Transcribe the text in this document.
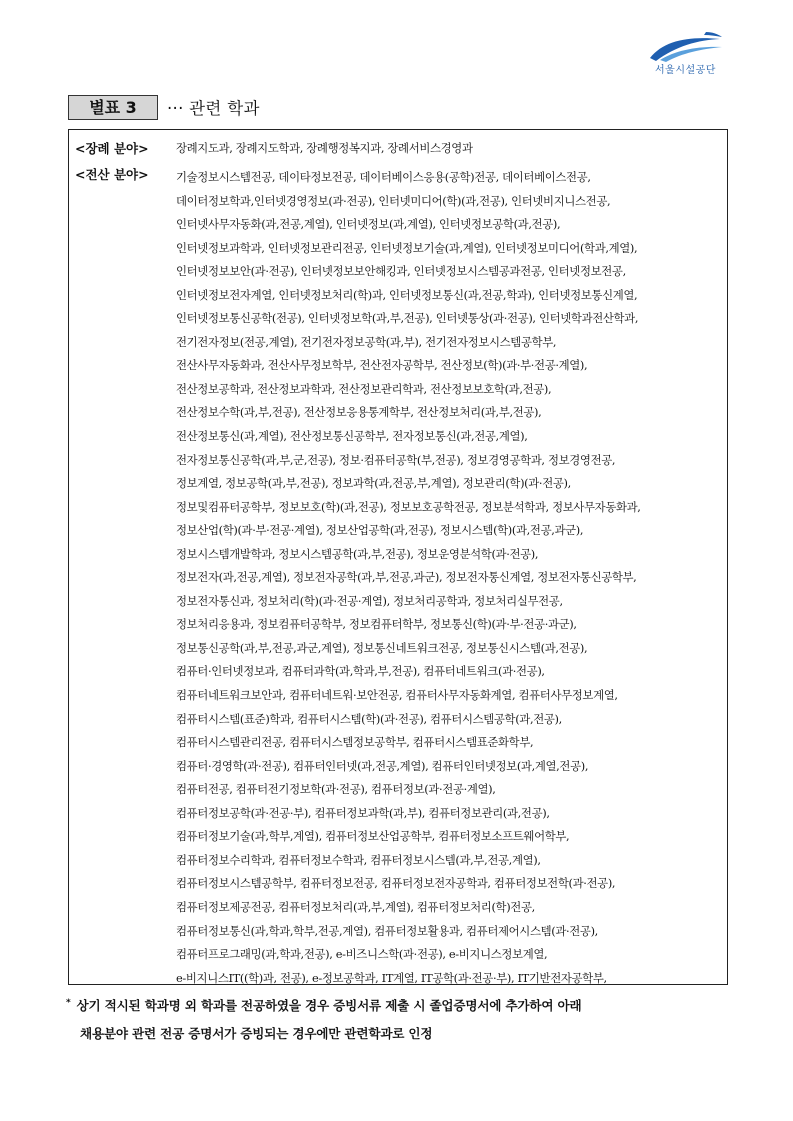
서울시설공단
별표 3	··· 관련 학과
<장례 분야> 장례지도과, 장례지도학과, 장례행정복지과, 장례서비스경영과
<전산 분야> 기술정보시스템전공, 데이타정보전공, 데이터베이스응용(공학)전공, 데이터베이스전공,
데이터정보학과,인터넷경영정보(과·전공), 인터넷미디어(학)(과,전공), 인터넷비지니스전공,
인터넷사무자동화(과,전공,계열), 인터넷정보(과,계열), 인터넷정보공학(과,전공),
인터넷정보과학과, 인터넷정보관리전공, 인터넷정보기술(과,계열), 인터넷정보미디어(학과,계열),
인터넷정보보안(과·전공), 인터넷정보보안해킹과, 인터넷정보시스템공과전공, 인터넷정보전공,
인터넷정보전자계열, 인터넷정보처리(학)과, 인터넷정보통신(과,전공,학과), 인터넷정보통신계열,
인터넷정보통신공학(전공), 인터넷정보학(과,부,전공), 인터넷통상(과·전공), 인터넷학과전산학과,
전기전자정보(전공,계열), 전기전자정보공학(과,부), 전기전자정보시스템공학부,
전산사무자동화과, 전산사무정보학부, 전산전자공학부, 전산정보(학)(과·부·전공·계열),
전산정보공학과, 전산정보과학과, 전산정보관리학과, 전산정보보호학(과,전공),
전산정보수학(과,부,전공), 전산정보응용통계학부, 전산정보처리(과,부,전공),
전산정보통신(과,계열), 전산정보통신공학부, 전자정보통신(과,전공,계열),
전자정보통신공학(과,부,군,전공), 정보·컴퓨터공학(부,전공), 정보경영공학과, 정보경영전공,
정보계열, 정보공학(과,부,전공), 정보과학(과,전공,부,계열), 정보관리(학)(과·전공),
정보및컴퓨터공학부, 정보보호(학)(과,전공), 정보보호공학전공, 정보분석학과, 정보사무자동화과,
정보산업(학)(과·부·전공·계열), 정보산업공학(과,전공), 정보시스템(학)(과,전공,과군),
정보시스템개발학과, 정보시스템공학(과,부,전공), 정보운영분석학(과·전공),
정보전자(과,전공,계열), 정보전자공학(과,부,전공,과군), 정보전자통신계열, 정보전자통신공학부,
정보전자통신과, 정보처리(학)(과·전공·계열), 정보처리공학과, 정보처리실무전공,
정보처리응용과, 정보컴퓨터공학부, 정보컴퓨터학부, 정보통신(학)(과·부·전공·과군),
정보통신공학(과,부,전공,과군,계열), 정보통신네트워크전공, 정보통신시스템(과,전공),
컴퓨터·인터넷정보과, 컴퓨터과학(과,학과,부,전공), 컴퓨터네트워크(과·전공),
컴퓨터네트워크보안과, 컴퓨터네트워·보안전공, 컴퓨터사무자동화계열, 컴퓨터사무정보계열,
컴퓨터시스템(표준)학과, 컴퓨터시스템(학)(과·전공), 컴퓨터시스템공학(과,전공),
컴퓨터시스템관리전공, 컴퓨터시스템정보공학부, 컴퓨터시스템표준화학부,
컴퓨터·경영학(과·전공), 컴퓨터인터넷(과,전공,계열), 컴퓨터인터넷정보(과,계열,전공),
컴퓨터전공, 컴퓨터전기정보학(과·전공), 컴퓨터정보(과·전공·계열),
컴퓨터정보공학(과·전공·부), 컴퓨터정보과학(과,부), 컴퓨터정보관리(과,전공),
컴퓨터정보기술(과,학부,계열), 컴퓨터정보산업공학부, 컴퓨터정보소프트웨어학부,
컴퓨터정보수리학과, 컴퓨터정보수학과, 컴퓨터정보시스템(과,부,전공,계열),
컴퓨터정보시스템공학부, 컴퓨터정보전공, 컴퓨터정보전자공학과, 컴퓨터정보전학(과·전공),
컴퓨터정보제공전공, 컴퓨터정보처리(과,부,계열), 컴퓨터정보처리(학)전공,
컴퓨터정보통신(과,학과,학부,전공,계열), 컴퓨터정보활용과, 컴퓨터제어시스템(과·전공),
컴퓨터프로그래밍(과,학과,전공), e-비즈니스학(과·전공), e-비지니스정보계열,
e-비지니스IT((학)과, 전공), e-정보공학과, IT계열, IT공학(과·전공·부), IT기반전자공학부,
* 상기 적시된 학과명 외 학과를 전공하였을 경우 증빙서류 제출 시 졸업증명서에 추가하여 아래
채용분야 관련 전공 증명서가 증빙되는 경우에만 관련학과로 인정
